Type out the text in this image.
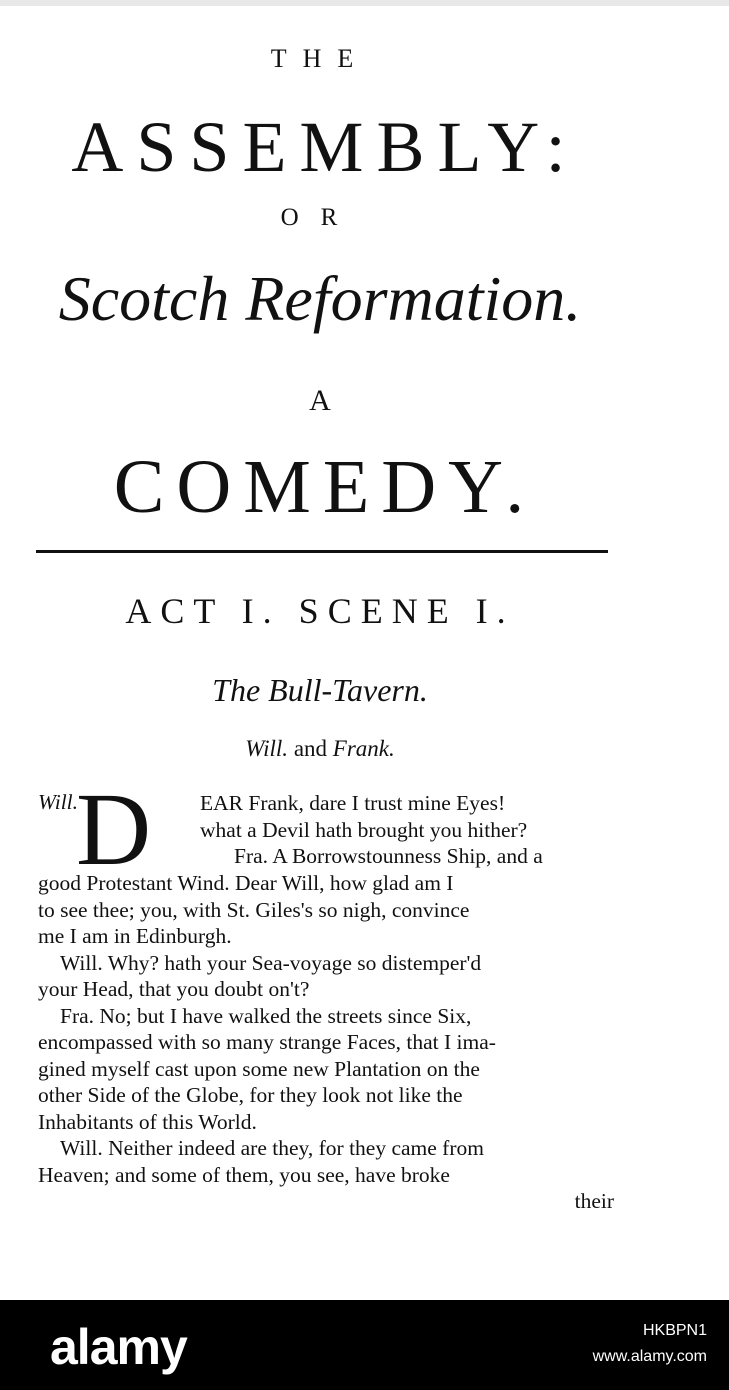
THE
ASSEMBLY:
OR
Scotch Reformation.
A
COMEDY.
ACT I. SCENE I.
The Bull-Tavern.
Will. and Frank.
Will.
D EAR Frank, dare I trust mine Eyes!
what a Devil hath brought you hither?
Fra. A Borrowstounness Ship, and a
good Protestant Wind. Dear Will, how glad am I
to see thee; you, with St. Giles's so nigh, convince
me I am in Edinburgh.
Will. Why? hath your Sea-voyage so distemper'd
your Head, that you doubt on't?
Fra. No; but I have walked the streets since Six,
encompassed with so many strange Faces, that I ima-
gined myself cast upon some new Plantation on the
other Side of the Globe, for they look not like the
Inhabitants of this World.
Will. Neither indeed are they, for they came from
Heaven; and some of them, you see, have broke
their
alamy	HKBPN1
www.alamy.com
